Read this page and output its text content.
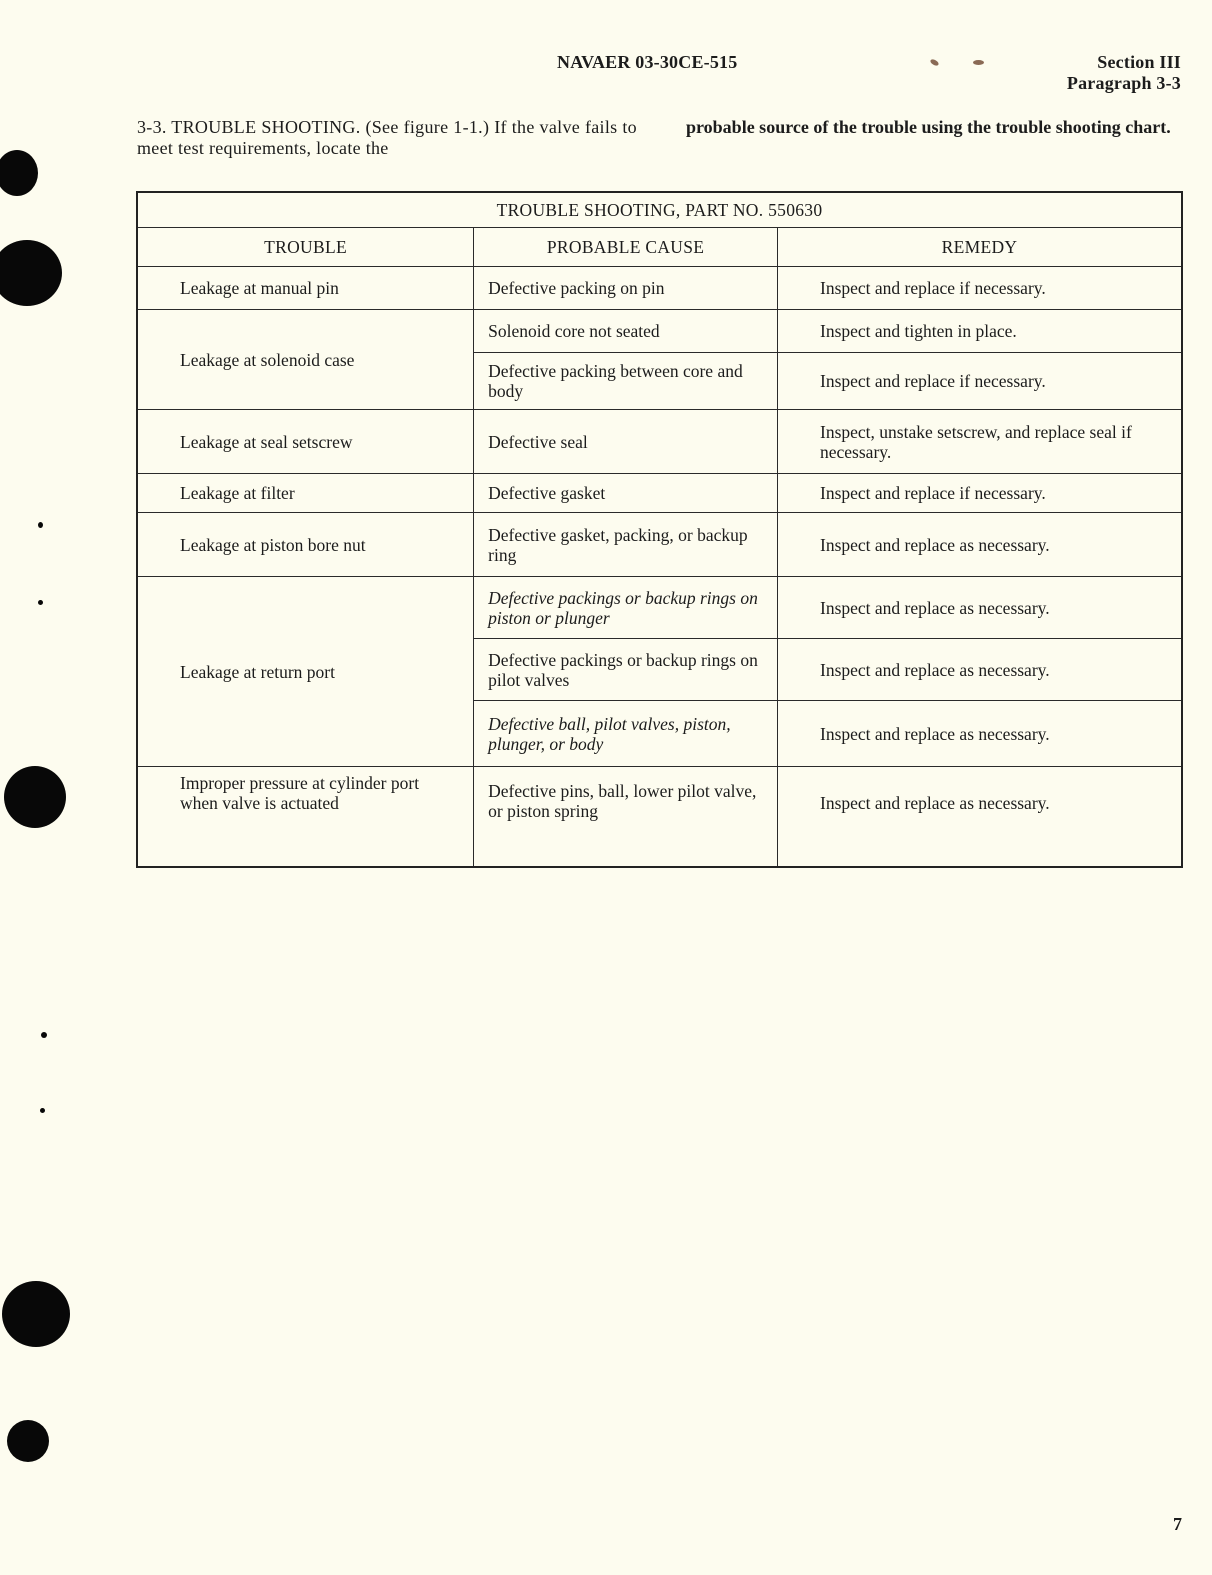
NAVAER 03-30CE-515	Section III
Paragraph 3-3
3-3. TROUBLE SHOOTING. (See figure 1-1.) If the valve fails to meet test requirements, locate the
probable source of the trouble using the trouble shooting chart.
TROUBLE SHOOTING, PART NO. 550630		
TROUBLE	PROBABLE CAUSE	REMEDY
Leakage at manual pin	Defective packing on pin	Inspect and replace if necessary.
Leakage at solenoid case	Solenoid core not seated	Inspect and tighten in place.
	Defective packing between core and body	Inspect and replace if necessary.
Leakage at seal setscrew	Defective seal	Inspect, unstake setscrew, and replace seal if necessary.
Leakage at filter	Defective gasket	Inspect and replace if necessary.
Leakage at piston bore nut	Defective gasket, packing, or backup ring	Inspect and replace as necessary.
Leakage at return port	Defective packings or backup rings on piston or plunger	Inspect and replace as necessary.
	Defective packings or backup rings on pilot valves	Inspect and replace as necessary.
	Defective ball, pilot valves, piston, plunger, or body	Inspect and replace as necessary.
Improper pressure at cylinder port when valve is actuated	Defective pins, ball, lower pilot valve, or piston spring	Inspect and replace as necessary.
7
